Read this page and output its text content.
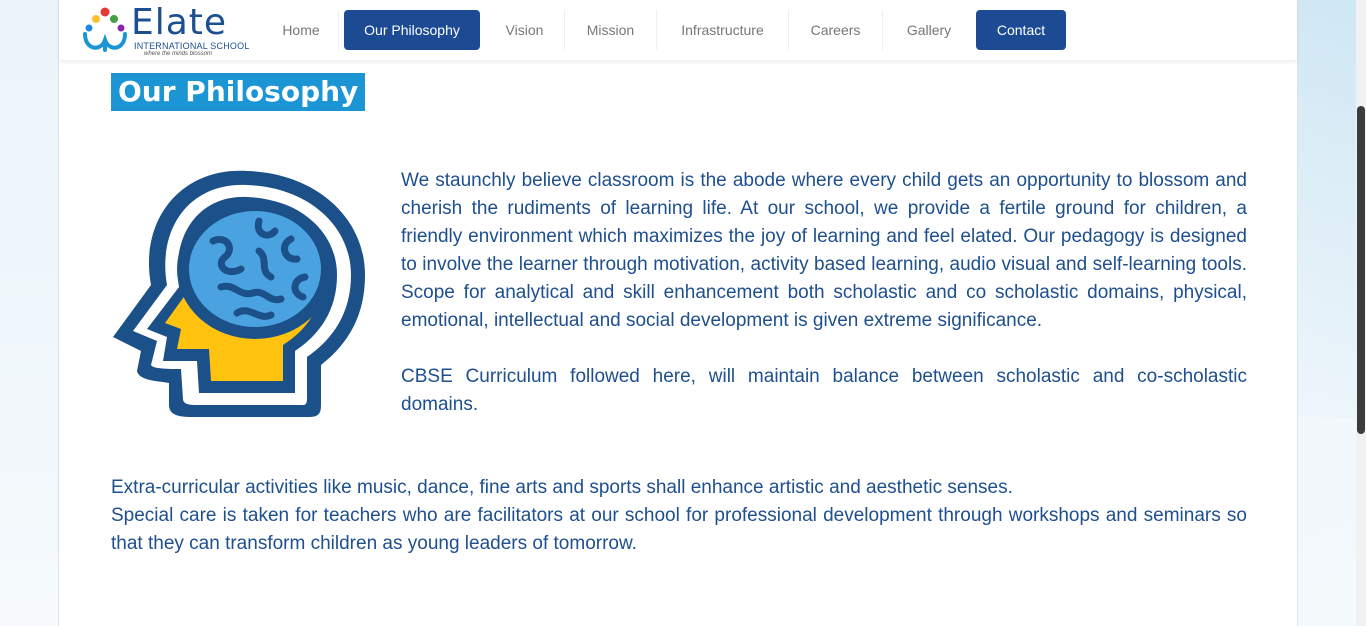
Elate
INTERNATIONAL SCHOOL
where the minds blossom
Home	Our Philosophy	Vision	Mission	Infrastructure	Careers	Gallery	Contact
Our Philosophy

We staunchly believe classroom is the abode where every child gets an opportunity to blossom and cherish the rudiments of learning life. At our school, we provide a fertile ground for children, a friendly environment which maximizes the joy of learning and feel elated. Our pedagogy is designed to involve the learner through motivation, activity based learning, audio visual and self-learning tools. Scope for analytical and skill enhancement both scholastic and co scholastic domains, physical, emotional, intellectual and social development is given extreme significance.

CBSE Curriculum followed here, will maintain balance between scholastic and co-scholastic domains.

Extra-curricular activities like music, dance, fine arts and sports shall enhance artistic and aesthetic senses.
Special care is taken for teachers who are facilitators at our school for professional development through workshops and seminars so that they can transform children as young leaders of tomorrow.
